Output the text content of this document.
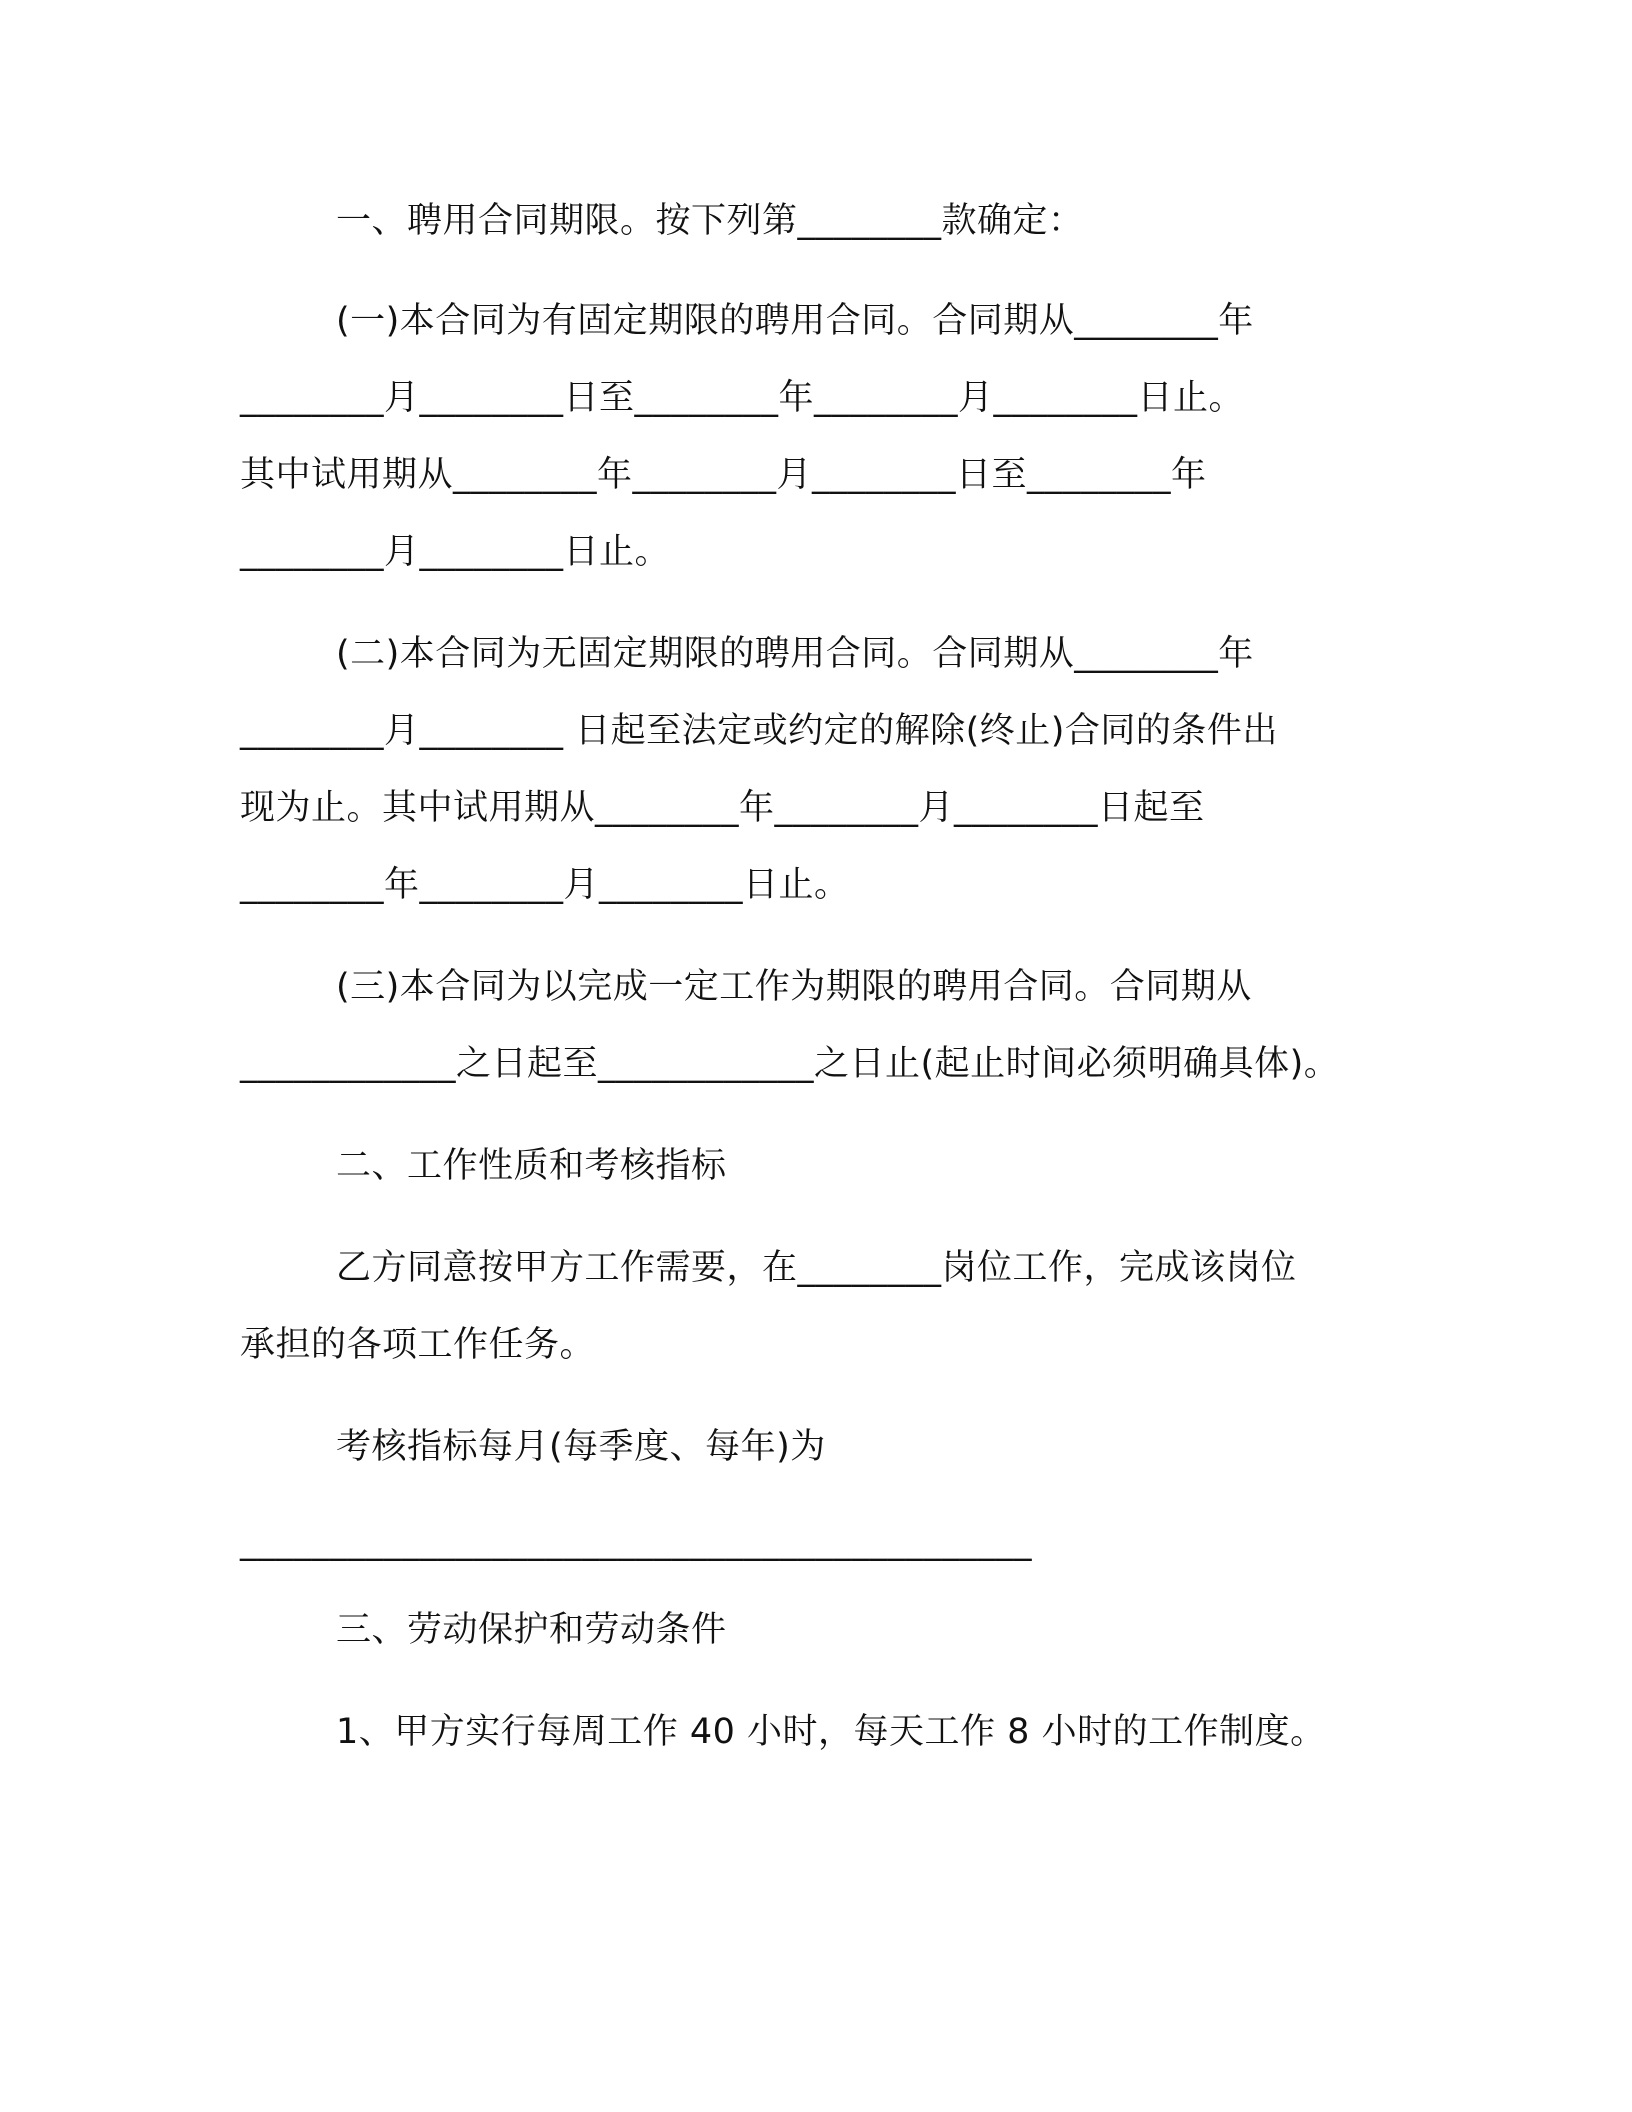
一、聘用合同期限。按下列第________款确定：
(一)本合同为有固定期限的聘用合同。合同期从________年
________月________日至________年________月________日止。
其中试用期从________年________月________日至________年
________月________日止。
(二)本合同为无固定期限的聘用合同。合同期从________年
________月________ 日起至法定或约定的解除(终止)合同的条件出
现为止。其中试用期从________年________月________日起至
________年________月________日止。
(三)本合同为以完成一定工作为期限的聘用合同。合同期从
____________之日起至____________之日止(起止时间必须明确具体)。
二、工作性质和考核指标
乙方同意按甲方工作需要，在________岗位工作，完成该岗位
承担的各项工作任务。
考核指标每月(每季度、每年)为
____________________________________________
三、劳动保护和劳动条件
1、甲方实行每周工作 40 小时，每天工作 8 小时的工作制度。
